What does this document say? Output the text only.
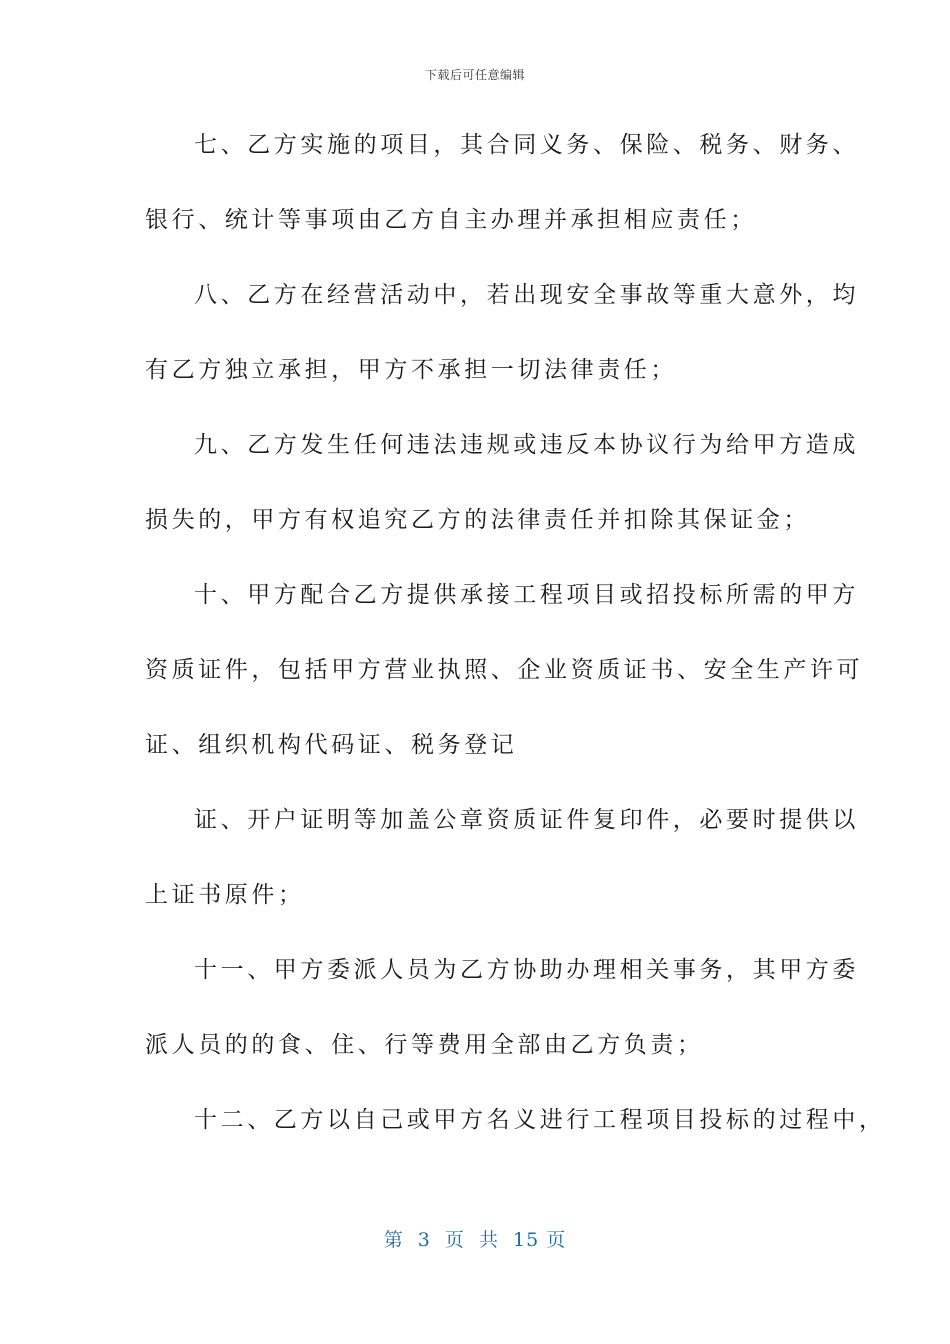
下载后可任意编辑
七、乙方实施的项目，其合同义务、保险、税务、财务、
银行、统计等事项由乙方自主办理并承担相应责任；
八、乙方在经营活动中，若出现安全事故等重大意外，均
有乙方独立承担，甲方不承担一切法律责任；
九、乙方发生任何违法违规或违反本协议行为给甲方造成
损失的，甲方有权追究乙方的法律责任并扣除其保证金；
十、甲方配合乙方提供承接工程项目或招投标所需的甲方
资质证件，包括甲方营业执照、企业资质证书、安全生产许可
证、组织机构代码证、税务登记
证、开户证明等加盖公章资质证件复印件，必要时提供以
上证书原件；
十一、甲方委派人员为乙方协助办理相关事务，其甲方委
派人员的的食、住、行等费用全部由乙方负责；
十二、乙方以自己或甲方名义进行工程项目投标的过程中，
第 3 页 共 15 页
